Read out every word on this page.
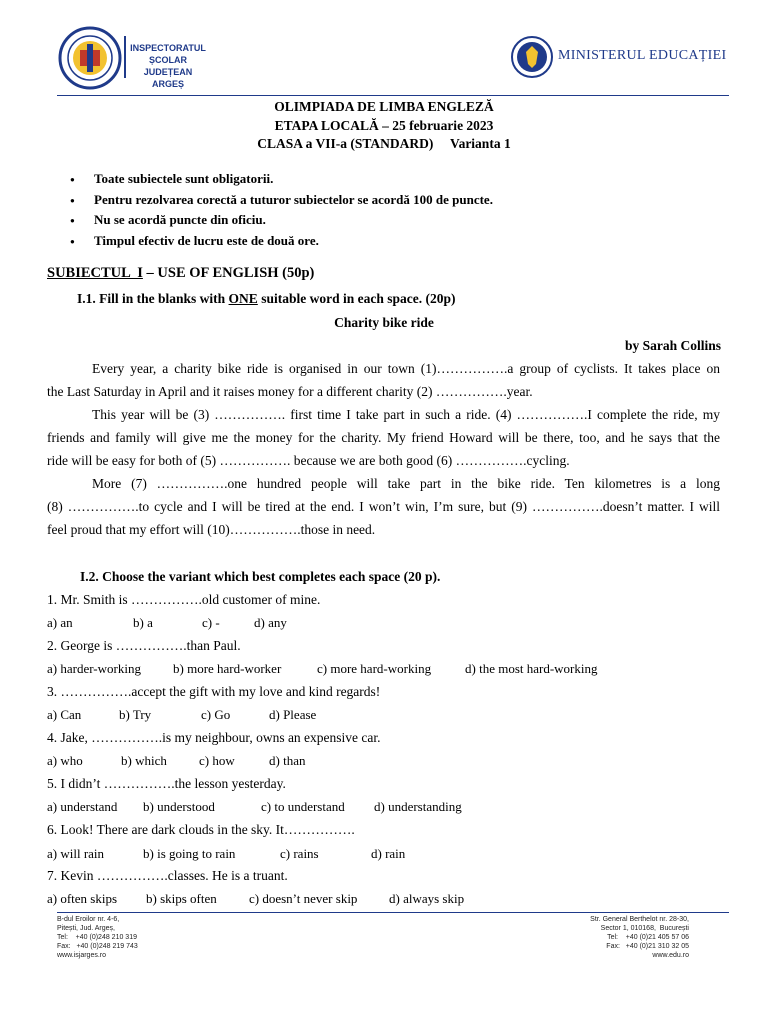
INSPECTORATUL ȘCOLAR
JUDEȚEAN ARGEȘ
MINISTERUL EDUCAȚIEI
OLIMPIADA DE LIMBA ENGLEZĂ
ETAPA LOCALĂ – 25 februarie 2023
CLASA a VII-a (STANDARD)     Varianta 1
● Toate subiectele sunt obligatorii.
● Pentru rezolvarea corectă a tuturor subiectelor se acordă 100 de puncte.
● Nu se acordă puncte din oficiu.
● Timpul efectiv de lucru este de două ore.
SUBIECTUL  I – USE OF ENGLISH (50p)
I.1. Fill in the blanks with ONE suitable word in each space. (20p)
Charity bike ride
by Sarah Collins
Every year, a charity bike ride is organised in our town (1)…………….a group of cyclists. It takes place on
the Last Saturday in April and it raises money for a different charity (2) …………….year.
This year will be (3) ……………. first time I take part in such a ride. (4) …………….I complete the ride, my
friends and family will give me the money for the charity. My friend Howard will be there, too, and he says that the
ride will be easy for both of (5) ……………. because we are both good (6) …………….cycling.
More (7) …………….one hundred people will take part in the bike ride. Ten kilometres is a long
(8) …………….to cycle and I will be tired at the end. I won’t win, I’m sure, but (9) …………….doesn’t matter. I will
feel proud that my effort will (10)…………….those in need.
I.2. Choose the variant which best completes each space (20 p).
1. Mr. Smith is …………….old customer of mine.
a) an	b) a	c) -	d) any
2. George is …………….than Paul.
a) harder-working b) more hard-worker	c) more hard-working	d) the most hard-working
3. …………….accept the gift with my love and kind regards!
a) Can	b) Try	c) Go	d) Please
4. Jake, …………….is my neighbour, owns an expensive car.
a) who	b) which c) how	d) than
5. I didn’t …………….the lesson yesterday.
a) understand b) understood	c) to understand d) understanding
6. Look! There are dark clouds in the sky. It…………….
a) will rain	b) is going to rain	c) rains	d) rain
7. Kevin …………….classes. He is a truant.
a) often skips b) skips often c) doesn’t never skip d) always skip
B-dul Eroilor nr. 4-6,
Pitești, Jud. Argeș,
Tel:    +40 (0)248 210 319
Fax:   +40 (0)248 219 743
www.isjarges.ro
Str. General Berthelot nr. 28-30,
Sector 1, 010168,  București
Tel:    +40 (0)21 405 57 06
Fax:   +40 (0)21 310 32 05
www.edu.ro
